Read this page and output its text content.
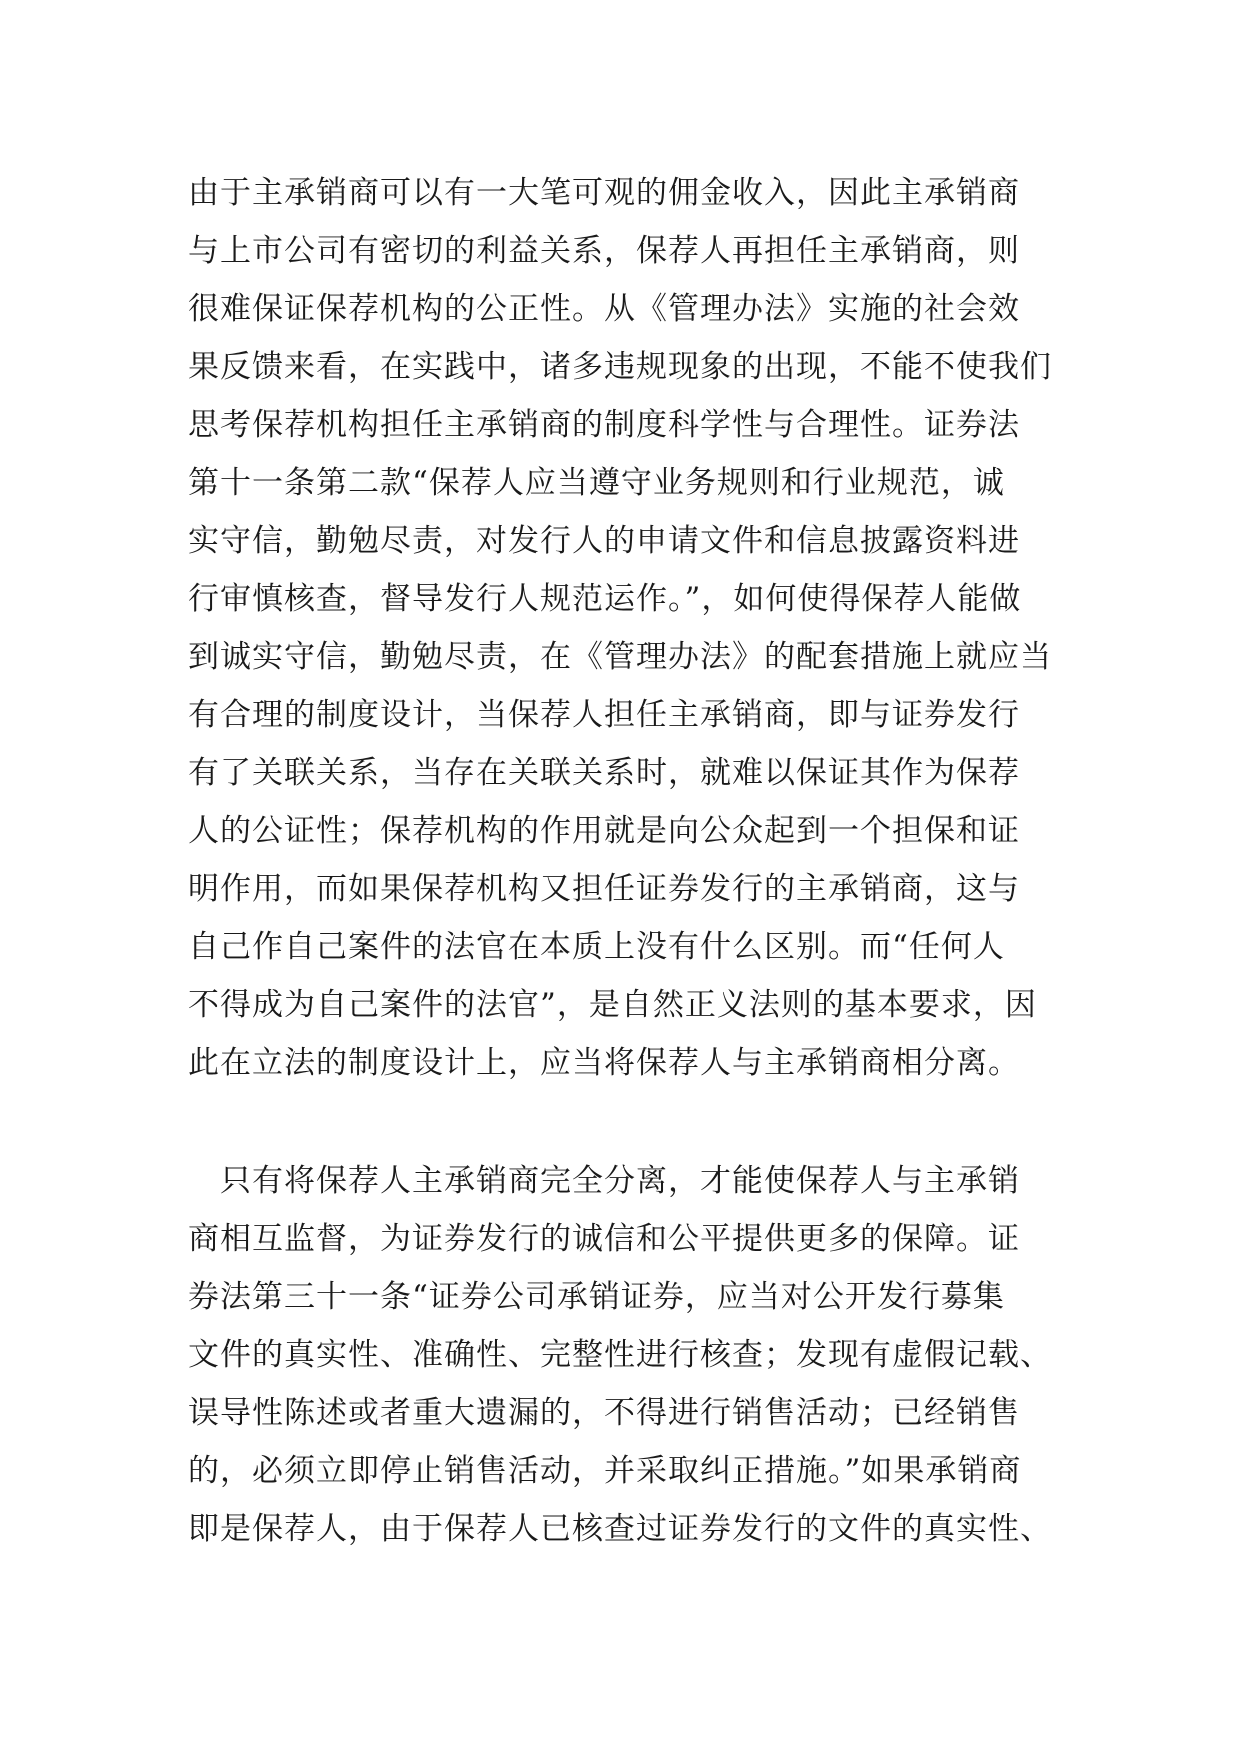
由于主承销商可以有一大笔可观的佣金收入，因此主承销商
与上市公司有密切的利益关系，保荐人再担任主承销商，则
很难保证保荐机构的公正性。从《管理办法》实施的社会效
果反馈来看，在实践中，诸多违规现象的出现，不能不使我们
思考保荐机构担任主承销商的制度科学性与合理性。证券法
第十一条第二款“保荐人应当遵守业务规则和行业规范，诚
实守信，勤勉尽责，对发行人的申请文件和信息披露资料进
行审慎核查，督导发行人规范运作。”，如何使得保荐人能做
到诚实守信，勤勉尽责，在《管理办法》的配套措施上就应当
有合理的制度设计，当保荐人担任主承销商，即与证券发行
有了关联关系，当存在关联关系时，就难以保证其作为保荐
人的公证性；保荐机构的作用就是向公众起到一个担保和证
明作用，而如果保荐机构又担任证券发行的主承销商，这与
自己作自己案件的法官在本质上没有什么区别。而“任何人
不得成为自己案件的法官”，是自然正义法则的基本要求，因
此在立法的制度设计上，应当将保荐人与主承销商相分离。
　只有将保荐人主承销商完全分离，才能使保荐人与主承销
商相互监督，为证券发行的诚信和公平提供更多的保障。证
券法第三十一条“证券公司承销证券，应当对公开发行募集
文件的真实性、准确性、完整性进行核查；发现有虚假记载、
误导性陈述或者重大遗漏的，不得进行销售活动；已经销售
的，必须立即停止销售活动，并采取纠正措施。”如果承销商
即是保荐人，由于保荐人已核查过证券发行的文件的真实性、
